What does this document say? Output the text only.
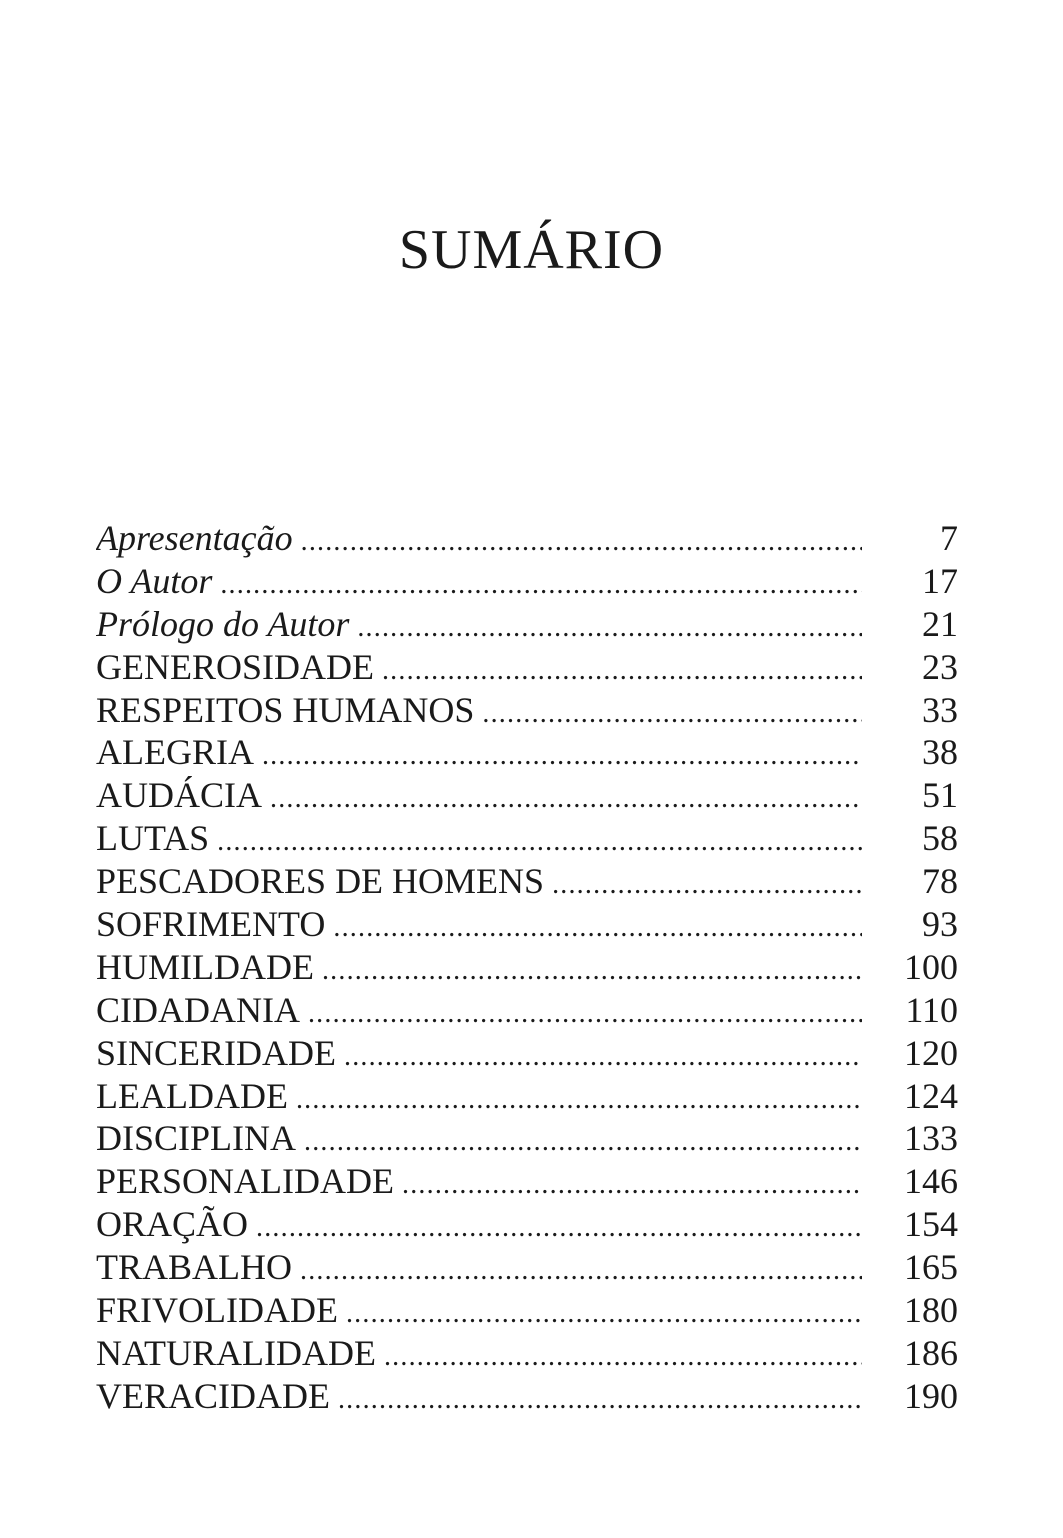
SUMÁRIO
Apresentação .....	7
O Autor .....	17
Prólogo do Autor .....	21
GENEROSIDADE .....	23
RESPEITOS HUMANOS .....	33
ALEGRIA .....	38
AUDÁCIA .....	51
LUTAS .....	58
PESCADORES DE HOMENS .....	78
SOFRIMENTO .....	93
HUMILDADE .....	100
CIDADANIA .....	110
SINCERIDADE .....	120
LEALDADE .....	124
DISCIPLINA .....	133
PERSONALIDADE .....	146
ORAÇÃO .....	154
TRABALHO .....	165
FRIVOLIDADE .....	180
NATURALIDADE .....	186
VERACIDADE .....	190
